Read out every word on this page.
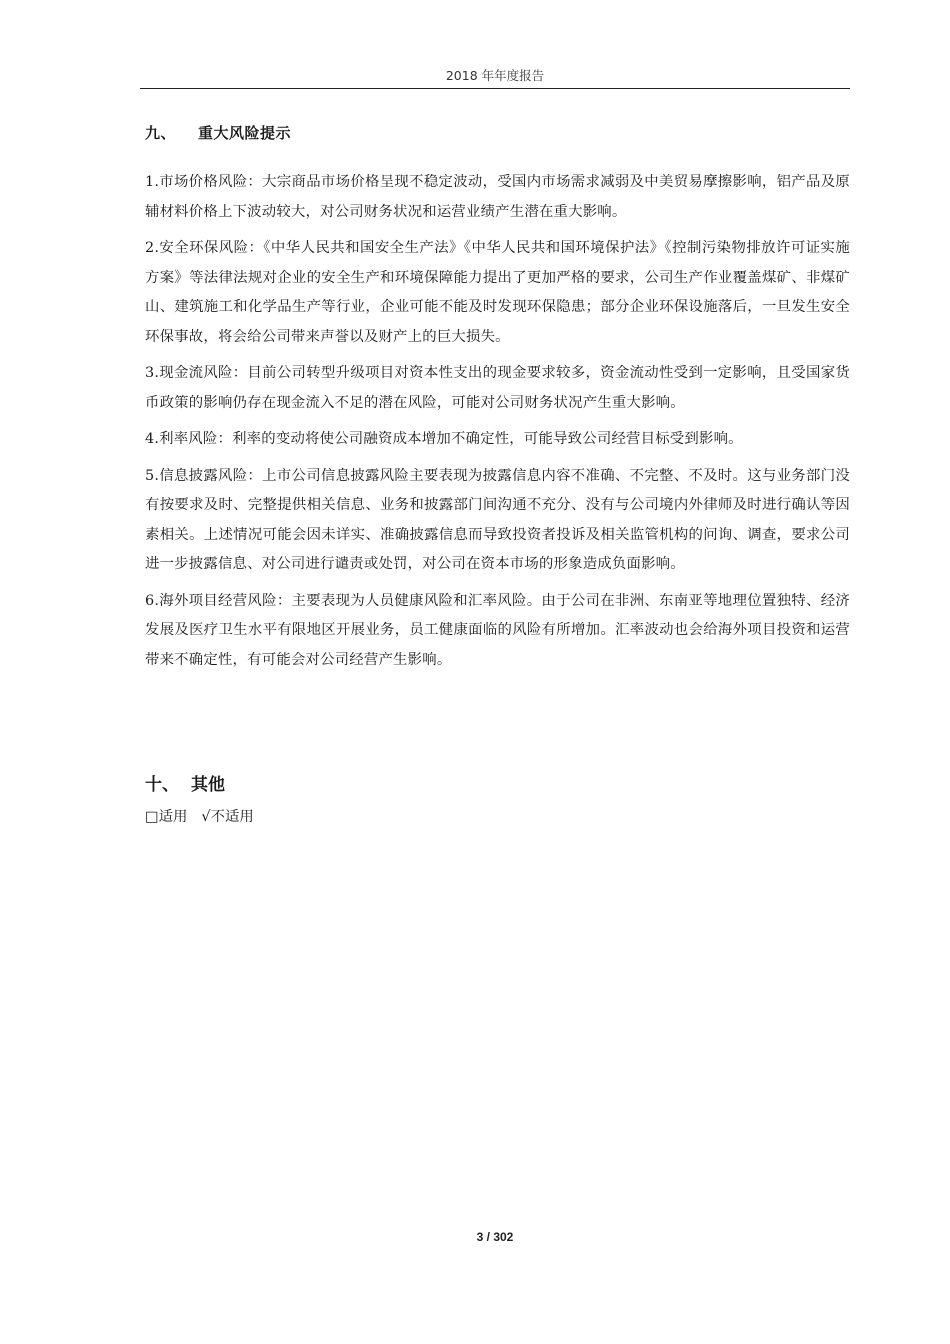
2018 年年度报告
九、 重大风险提示

1.市场价格风险：大宗商品市场价格呈现不稳定波动，受国内市场需求减弱及中美贸易摩擦影响，铝产品及原辅材料价格上下波动较大，对公司财务状况和运营业绩产生潜在重大影响。

2.安全环保风险：《中华人民共和国安全生产法》《中华人民共和国环境保护法》《控制污染物排放许可证实施方案》等法律法规对企业的安全生产和环境保障能力提出了更加严格的要求，公司生产作业覆盖煤矿、非煤矿山、建筑施工和化学品生产等行业，企业可能不能及时发现环保隐患；部分企业环保设施落后，一旦发生安全环保事故，将会给公司带来声誉以及财产上的巨大损失。

3.现金流风险：目前公司转型升级项目对资本性支出的现金要求较多，资金流动性受到一定影响，且受国家货币政策的影响仍存在现金流入不足的潜在风险，可能对公司财务状况产生重大影响。

4.利率风险：利率的变动将使公司融资成本增加不确定性，可能导致公司经营目标受到影响。

5.信息披露风险：上市公司信息披露风险主要表现为披露信息内容不准确、不完整、不及时。这与业务部门没有按要求及时、完整提供相关信息、业务和披露部门间沟通不充分、没有与公司境内外律师及时进行确认等因素相关。上述情况可能会因未详实、准确披露信息而导致投资者投诉及相关监管机构的问询、调查，要求公司进一步披露信息、对公司进行谴责或处罚，对公司在资本市场的形象造成负面影响。

6.海外项目经营风险：主要表现为人员健康风险和汇率风险。由于公司在非洲、东南亚等地理位置独特、经济发展及医疗卫生水平有限地区开展业务，员工健康面临的风险有所增加。汇率波动也会给海外项目投资和运营带来不确定性，有可能会对公司经营产生影响。

十、 其他
□适用 √不适用
3 / 302
